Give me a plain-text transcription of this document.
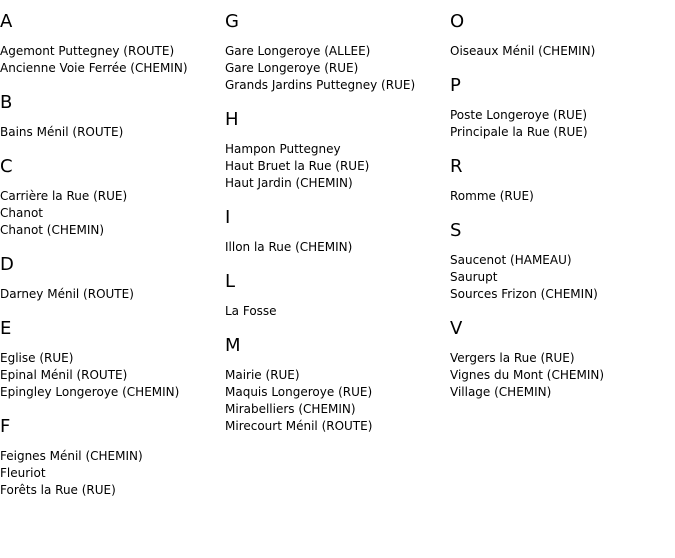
A
Agemont Puttegney (ROUTE)
Ancienne Voie Ferrée (CHEMIN)
B
Bains Ménil (ROUTE)
C
Carrière la Rue (RUE)
Chanot
Chanot (CHEMIN)
D
Darney Ménil (ROUTE)
E
Eglise (RUE)
Epinal Ménil (ROUTE)
Epingley Longeroye (CHEMIN)
F
Feignes Ménil (CHEMIN)
Fleuriot
Forêts la Rue (RUE)
G
Gare Longeroye (ALLEE)
Gare Longeroye (RUE)
Grands Jardins Puttegney (RUE)
H
Hampon Puttegney
Haut Bruet la Rue (RUE)
Haut Jardin (CHEMIN)
I
Illon la Rue (CHEMIN)
L
La Fosse
M
Mairie (RUE)
Maquis Longeroye (RUE)
Mirabelliers (CHEMIN)
Mirecourt Ménil (ROUTE)
O
Oiseaux Ménil (CHEMIN)
P
Poste Longeroye (RUE)
Principale la Rue (RUE)
R
Romme (RUE)
S
Saucenot (HAMEAU)
Saurupt
Sources Frizon (CHEMIN)
V
Vergers la Rue (RUE)
Vignes du Mont (CHEMIN)
Village (CHEMIN)
